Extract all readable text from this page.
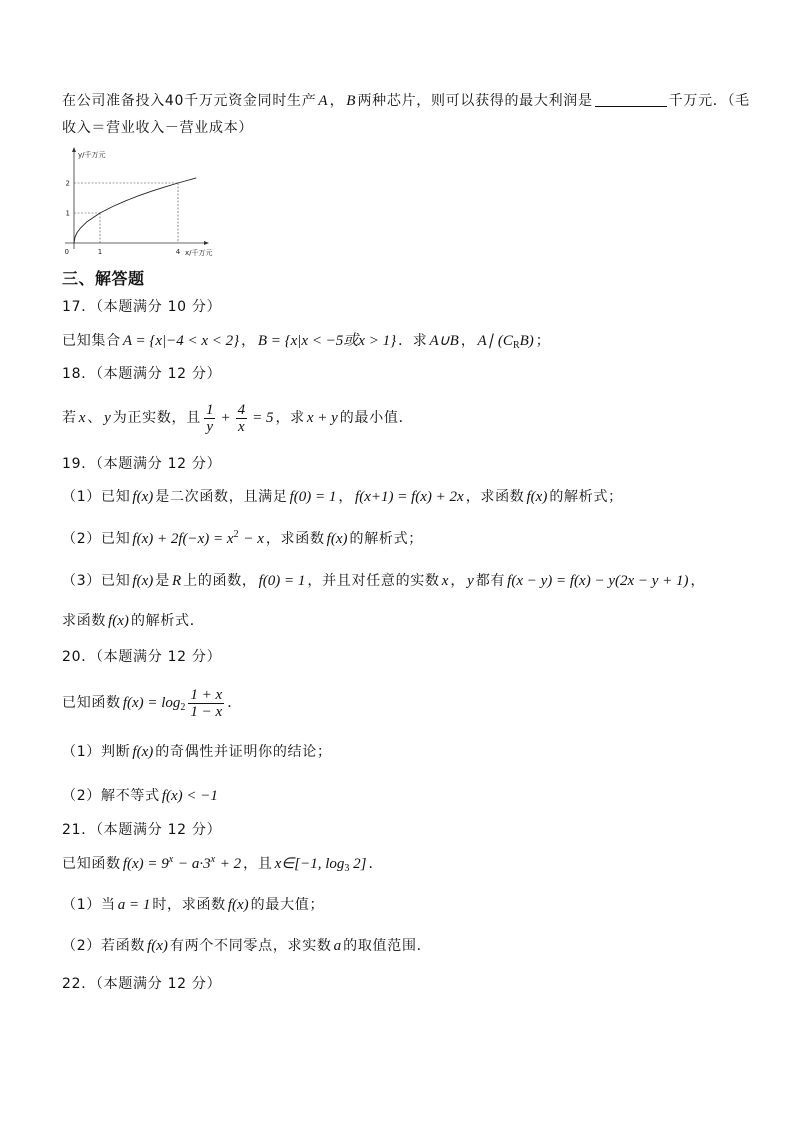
在公司准备投入40千万元资金同时生产 A ， B 两种芯片，则可以获得的最大利润是	千万元．（毛
收入＝营业收入－营业成本）
y/千万元
1
2
0	1	4 x/千万元
三、解答题
17．（本题满分 10 分）
已知集合 A = {x|−4 < x < 2} ， B = {x|x < −5或x > 1} ．求 A∪B ， A∣ $(C_RB)$ ；
18．（本题满分 12 分）
若 x 、 y 为正实数，且 $\frac{1}{y} + \frac{4}{x} = 5$ ，求 x + y 的最小值．
19．（本题满分 12 分）
（1）已知 f(x) 是二次函数，且满足 f(0) = 1 ， f(x+1) = f(x) + 2x ，求函数 f(x) 的解析式；
（2）已知 $f(x) + 2f(-x) = x^2 - x$ ，求函数 f(x) 的解析式；
（3）已知 f(x) 是 R 上的函数， f(0) = 1 ，并且对任意的实数 x ， y 都有 f(x − y) = f(x) − y(2x − y + 1) ，
求函数 f(x) 的解析式．
20．（本题满分 12 分）
已知函数 $f(x) = \log_2 \frac{1 + x}{1 - x}$ ．
（1）判断 f(x) 的奇偶性并证明你的结论；
（2）解不等式 f(x) < −1
21．（本题满分 12 分）
已知函数 $f(x) = 9^x - a\cdot 3^x + 2$ ，且 x∈[−1, $\log_3 2$] ．
（1）当 a = 1 时，求函数 f(x) 的最大值；
（2）若函数 f(x) 有两个不同零点，求实数 a 的取值范围．
22．（本题满分 12 分）
